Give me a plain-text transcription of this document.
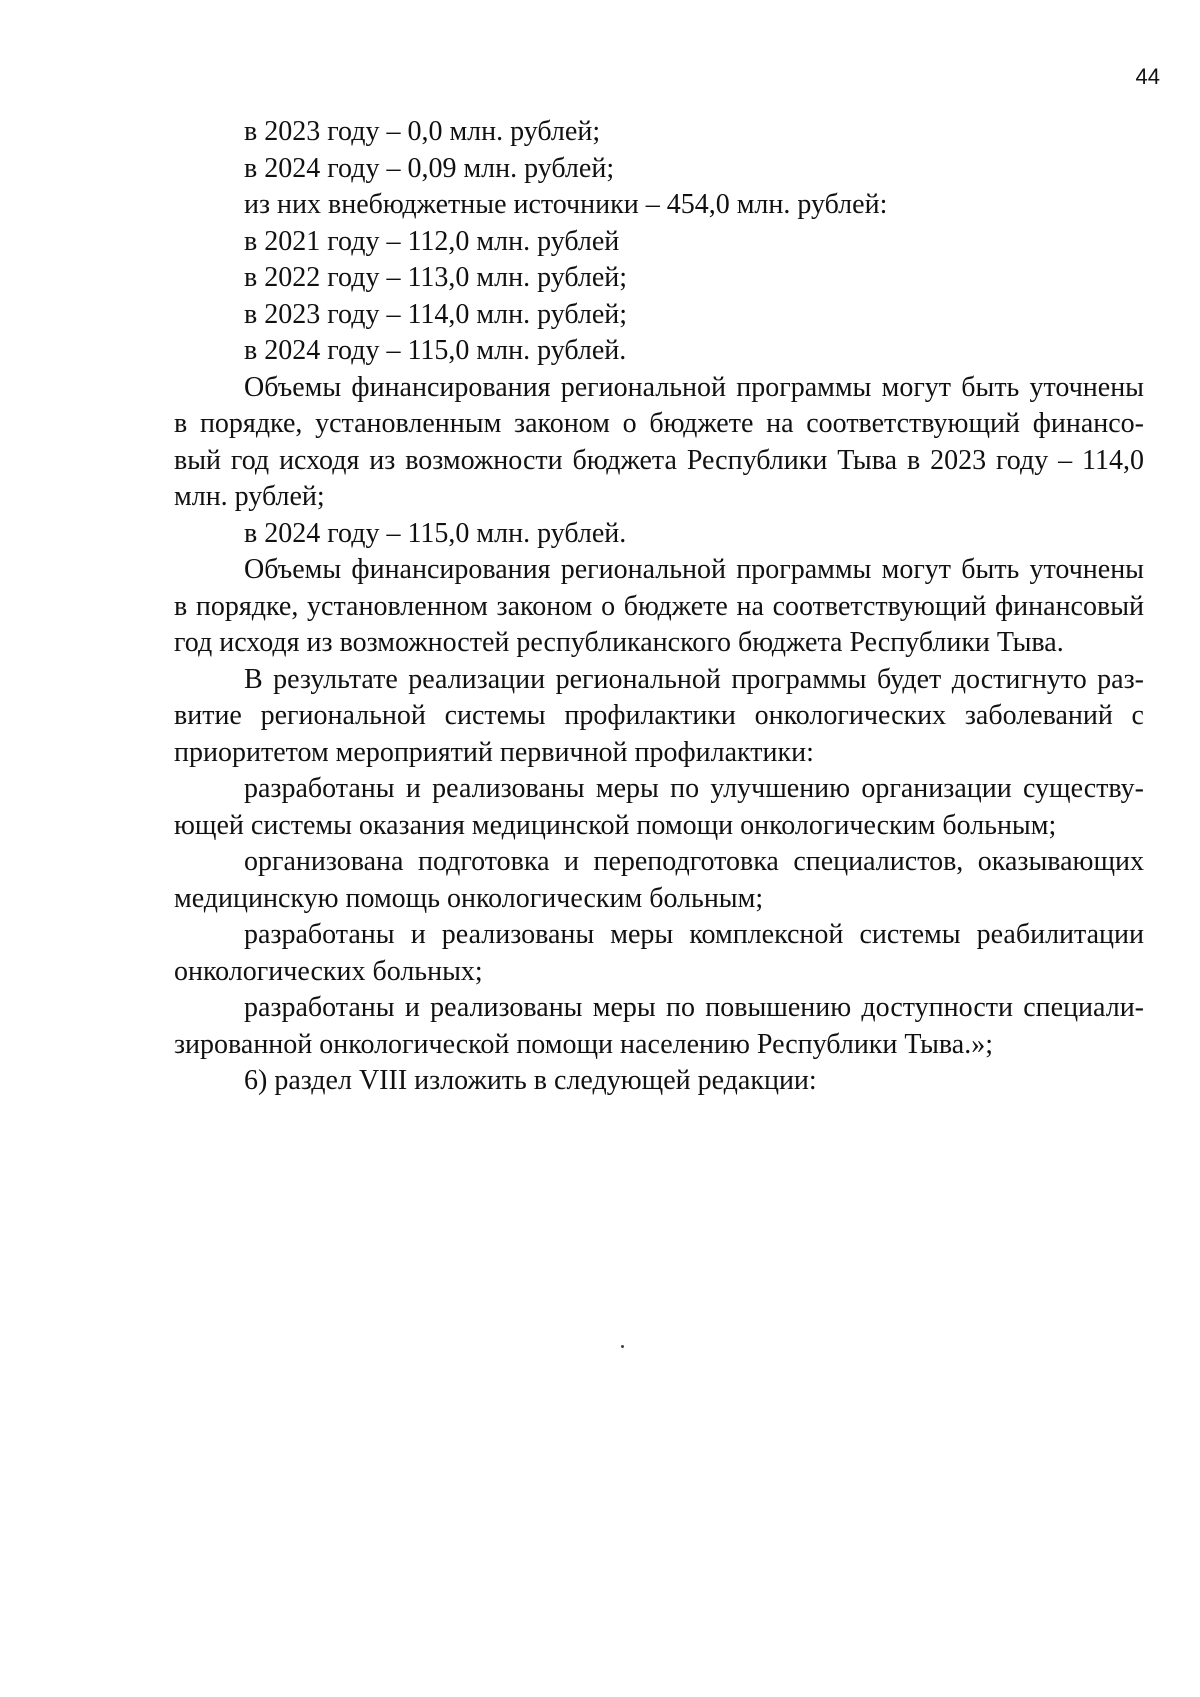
44
в 2023 году – 0,0 млн. рублей;
в 2024 году – 0,09 млн. рублей;
из них внебюджетные источники – 454,0 млн. рублей:
в 2021 году – 112,0 млн. рублей
в 2022 году – 113,0 млн. рублей;
в 2023 году – 114,0 млн. рублей;
в 2024 году – 115,0 млн. рублей.
Объемы финансирования региональной программы могут быть уточнены
в порядке, установленным законом о бюджете на соответствующий финансо-
вый год исходя из возможности бюджета Республики Тыва в 2023 году – 114,0
млн. рублей;
в 2024 году – 115,0 млн. рублей.
Объемы финансирования региональной программы могут быть уточнены
в порядке, установленном законом о бюджете на соответствующий финансовый
год исходя из возможностей республиканского бюджета Республики Тыва.
В результате реализации региональной программы будет достигнуто раз-
витие региональной системы профилактики онкологических заболеваний с
приоритетом мероприятий первичной профилактики:
разработаны и реализованы меры по улучшению организации существу-
ющей системы оказания медицинской помощи онкологическим больным;
организована подготовка и переподготовка специалистов, оказывающих
медицинскую помощь онкологическим больным;
разработаны и реализованы меры комплексной системы реабилитации
онкологических больных;
разработаны и реализованы меры по повышению доступности специали-
зированной онкологической помощи населению Республики Тыва.»;
6) раздел VIII изложить в следующей редакции:
